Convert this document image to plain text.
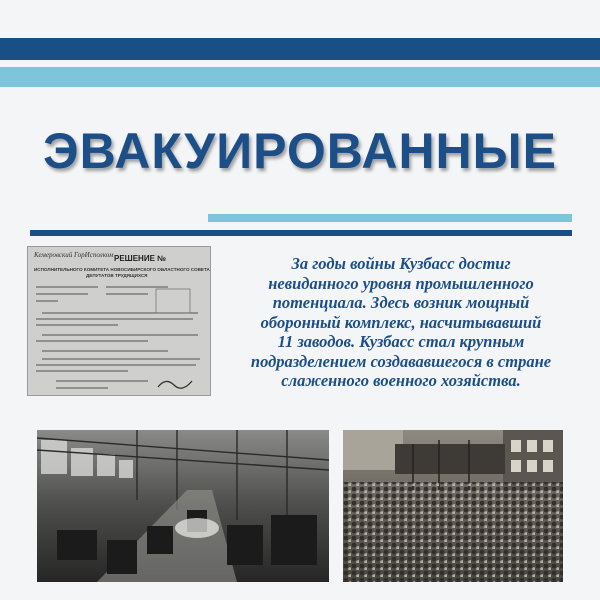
ЭВАКУИРОВАННЫЕ
Кемеровский ГорИсполком РЕШЕНИЕ №
ИСПОЛНИТЕЛЬНОГО КОМИТЕТА НОВОСИБИРСКОГО ОБЛАСТНОГО СОВЕТА
ДЕПУТАТОВ ТРУДЯЩИХСЯ
За годы войны Кузбасс достиг
невиданного уровня промышленного
потенциала. Здесь возник мощный
оборонный комплекс, насчитывавший
11 заводов. Кузбасс стал крупным
подразделением создававшегося в стране
слаженного военного хозяйства.
